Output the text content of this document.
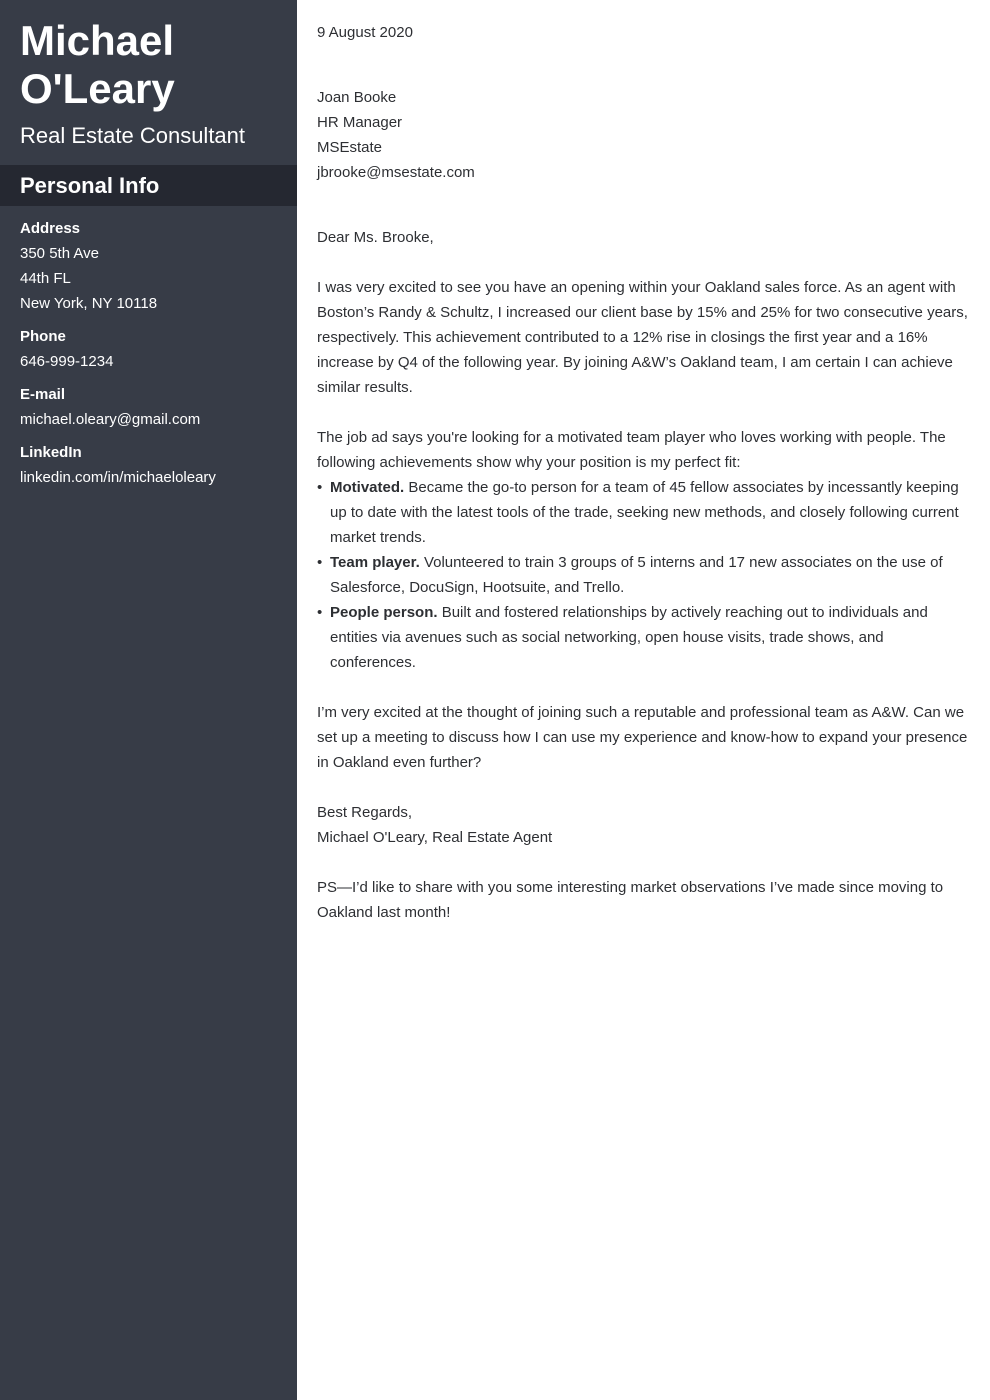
Michael
O'Leary
Real Estate Consultant
Personal Info
Address
350 5th Ave
44th FL
New York, NY 10118
Phone
646-999-1234
E-mail
michael.oleary@gmail.com
LinkedIn
linkedin.com/in/michaeloleary

9 August 2020

Joan Booke
HR Manager
MSEstate
jbrooke@msestate.com

Dear Ms. Brooke,

I was very excited to see you have an opening within your Oakland sales force. As an agent with Boston’s Randy & Schultz, I increased our client base by 15% and 25% for two consecutive years, respectively. This achievement contributed to a 12% rise in closings the first year and a 16% increase by Q4 of the following year. By joining A&W’s Oakland team, I am certain I can achieve similar results.

The job ad says you're looking for a motivated team player who loves working with people. The following achievements show why your position is my perfect fit:

• Motivated. Became the go-to person for a team of 45 fellow associates by incessantly keeping up to date with the latest tools of the trade, seeking new methods, and closely following current market trends.
• Team player. Volunteered to train 3 groups of 5 interns and 17 new associates on the use of Salesforce, DocuSign, Hootsuite, and Trello.
• People person. Built and fostered relationships by actively reaching out to individuals and entities via avenues such as social networking, open house visits, trade shows, and conferences.

I’m very excited at the thought of joining such a reputable and professional team as A&W. Can we set up a meeting to discuss how I can use my experience and know-how to expand your presence in Oakland even further?

Best Regards,
Michael O'Leary, Real Estate Agent

PS—I’d like to share with you some interesting market observations I’ve made since moving to Oakland last month!
